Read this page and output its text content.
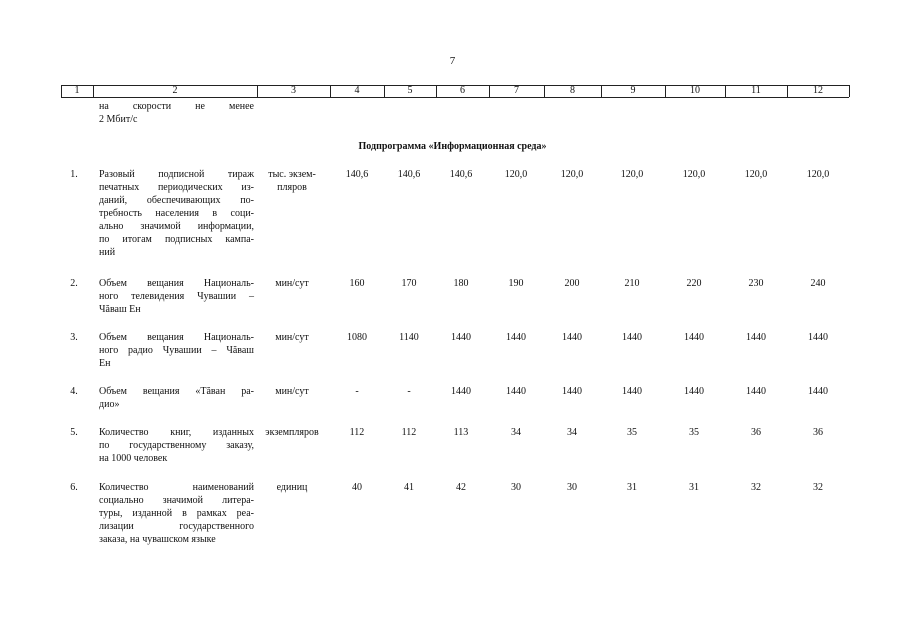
7
1	2	3	4	5	6	7	8	9	10	11	12
на скорости не менее
2 Мбит/с
Подпрограмма «Информационная среда»
1.	Разовый подписной тираж
печатных периодических из-
даний, обеспечивающих по-
требность населения в соци-
ально значимой информации,
по итогам подписных кампа-
ний
тыс. экзем-
пляров
140,6	140,6	140,6	120,0	120,0	120,0	120,0	120,0	120,0
2.	Объем вещания Националь-
ного телевидения Чувашии –
Чăваш Ен
мин/сут	160	170	180	190	200	210	220	230	240
3.	Объем вещания Националь-
ного радио Чувашии – Чăваш
Ен
мин/сут	1080	1140	1440	1440	1440	1440	1440	1440	1440
4.	Объем вещания «Тăван ра-
дио»
мин/сут	-	-	1440	1440	1440	1440	1440	1440	1440
5.	Количество книг, изданных
по государственному заказу,
на 1000 человек
экземпляров	112	112	113	34	34	35	35	36	36
6.	Количество наименований
социально значимой литера-
туры, изданной в рамках реа-
лизации государственного
заказа, на чувашском языке
единиц	40	41	42	30	30	31	31	32	32
